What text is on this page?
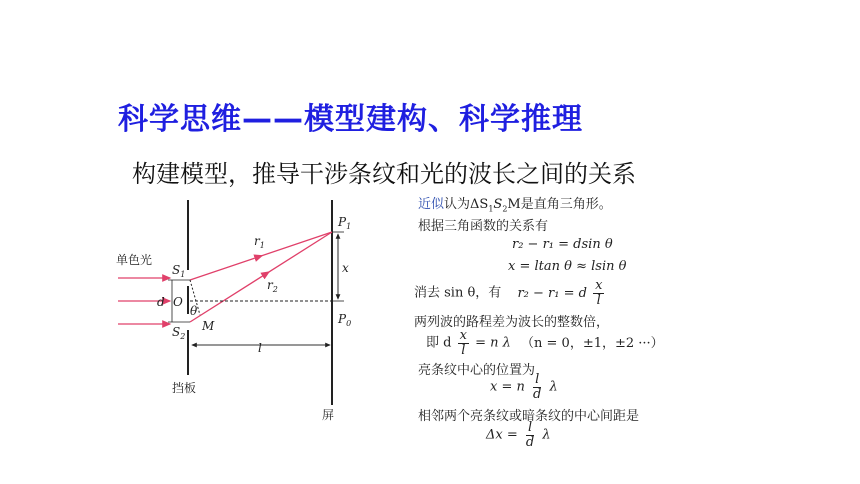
科学思维——模型建构、科学推理
构建模型，推导干涉条纹和光的波长之间的关系
单色光
$S_1$
$S_2$
d O
θ
M
$r_1$
$r_2$
x
l
$P_1$
$P_0$
挡板
屏
近似认为$\Delta S_1S_2M$是直角三角形。
根据三角函数的关系有
r₂ − r₁ = dsin θ
x = ltan θ ≈ lsin θ
消去 sin θ，有 r₂ − r₁ = d $\frac{x}{l}$
两列波的路程差为波长的整数倍，
即 d $\frac{x}{l} = n$ λ （n = 0，±1，±2 ···）
亮条纹中心的位置为
x = n $\frac{l}{d}$ λ
相邻两个亮条纹或暗条纹的中心间距是
$\Delta x = \frac{l}{d}$ λ
